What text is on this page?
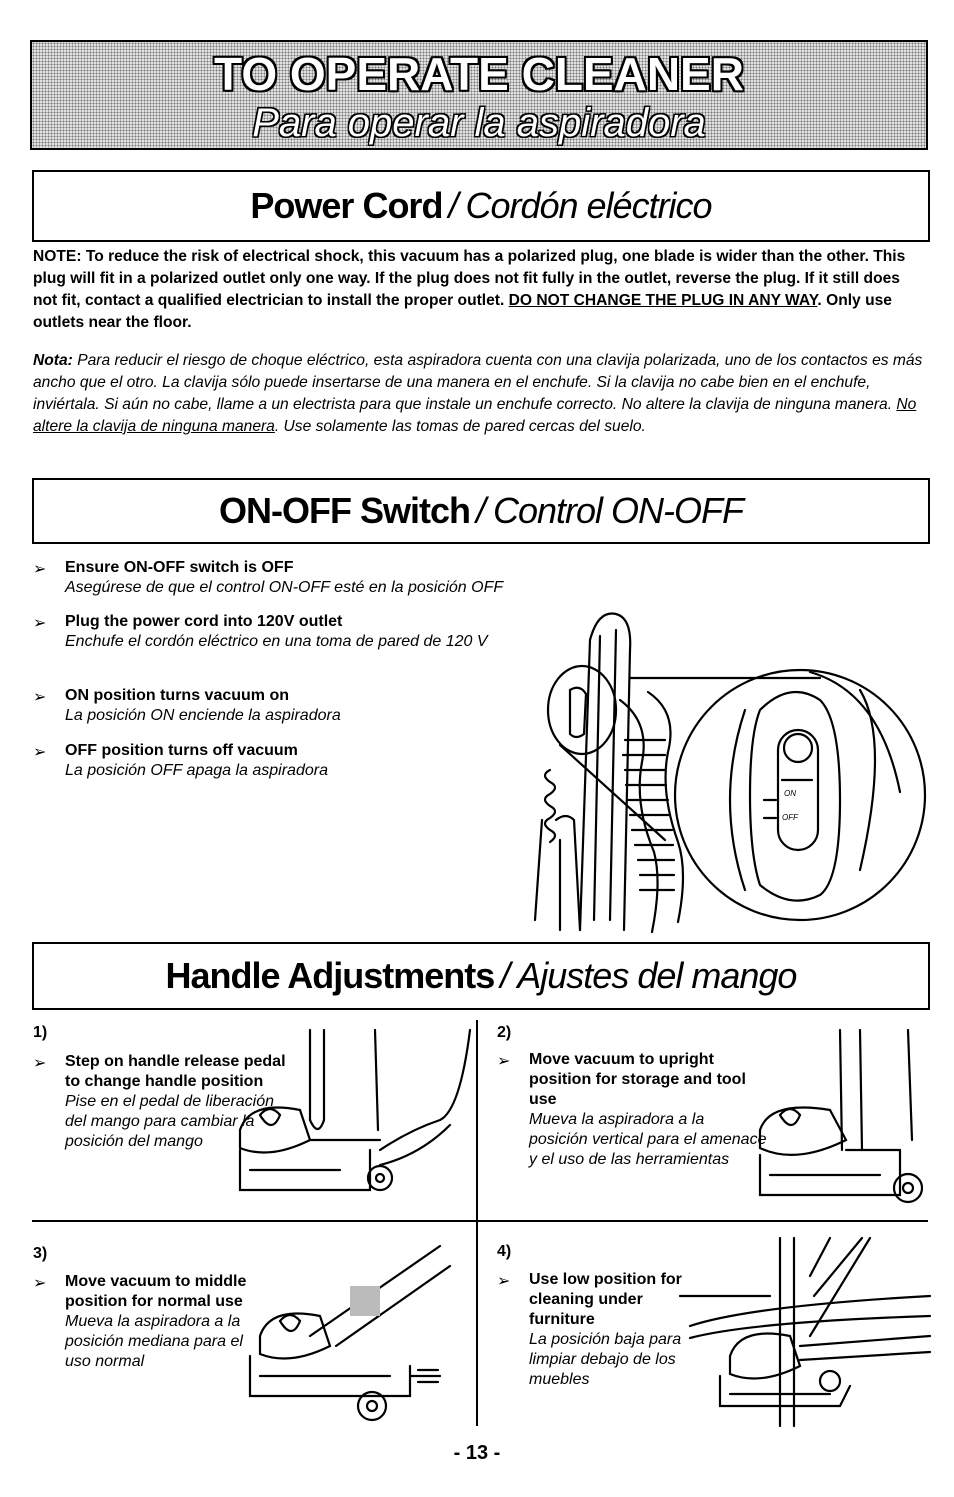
TO OPERATE CLEANER
Para operar la aspiradora
Power Cord / Cordón eléctrico
NOTE: To reduce the risk of electrical shock, this vacuum has a polarized plug, one blade is wider than the other. This plug will fit in a polarized outlet only one way. If the plug does not fit fully in the outlet, reverse the plug. If it still does not fit, contact a qualified electrician to install the proper outlet. DO NOT CHANGE THE PLUG IN ANY WAY. Only use outlets near the floor.
Nota: Para reducir el riesgo de choque eléctrico, esta aspiradora cuenta con una clavija polarizada, uno de los contactos es más ancho que el otro. La clavija sólo puede insertarse de una manera en el enchufe. Si la clavija no cabe bien en el enchufe, inviértala. Si aún no cabe, llame a un electrista para que instale un enchufe correcto. No altere la clavija de ninguna manera. No altere la clavija de ninguna manera. Use solamente las tomas de pared cercas del suelo.
ON-OFF Switch / Control ON-OFF
➢ Ensure ON-OFF switch is OFF
Asegúrese de que el control ON-OFF esté en la posición OFF
➢ Plug the power cord into 120V outlet
Enchufe el cordón eléctrico en una toma de pared de 120 V
➢ ON position turns vacuum on
La posición ON enciende la aspiradora
➢ OFF position turns off vacuum
La posición OFF apaga la aspiradora
ON
OFF
Handle Adjustments / Ajustes del mango
1)
➢ Step on handle release pedal to change handle position
Pise en el pedal de liberación del mango para cambiar la posición del mango
2)
➢ Move vacuum to upright position for storage and tool use
Mueva la aspiradora a la posición vertical para el amenace y el uso de las herramientas
3)
➢ Move vacuum to middle position for normal use
Mueva la aspiradora a la posición mediana para el uso normal
4)
➢ Use low position for cleaning under furniture
La posición baja para limpiar debajo de los muebles
- 13 -
